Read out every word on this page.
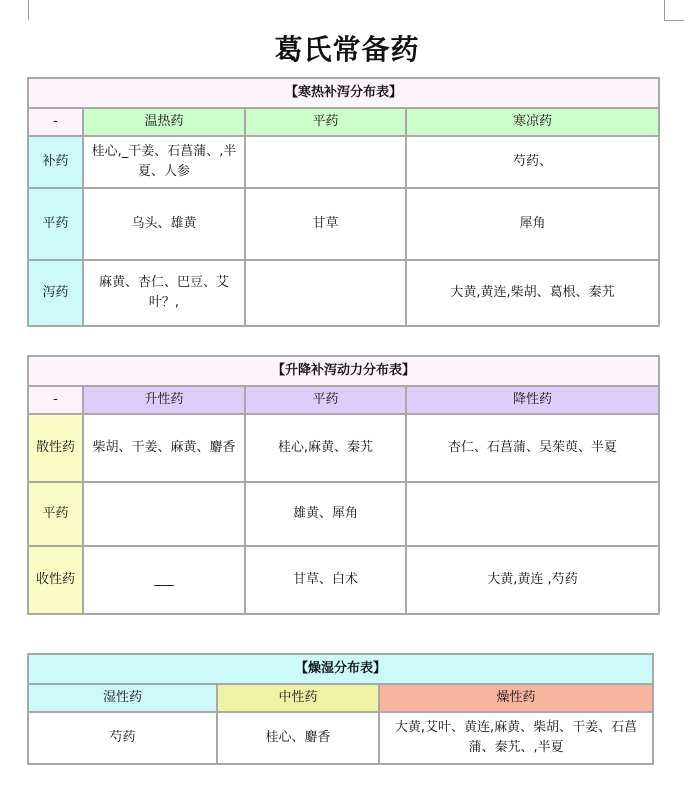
葛氏常备药
【寒热补泻分布表】			
-	温热药	平药	寒凉药
补药	桂心,_干姜、石菖蒲、,半夏、人参		芍药、
平药	乌头、雄黄	甘草	犀角
泻药	麻黄、杏仁、巴豆、艾叶？,		大黄,黄连,柴胡、葛根、秦艽
【升降补泻动力分布表】			
-	升性药	平药	降性药
散性药	柴胡、干姜、麻黄、麝香	桂心,麻黄、秦艽	杏仁、石菖蒲、吴茱萸、半夏
平药		雄黄、犀角	
收性药	___	甘草、白术	大黄,黄连 ,芍药
【燥湿分布表】		
湿性药	中性药	燥性药
芍药	桂心、麝香	大黄,艾叶、黄连,麻黄、柴胡、干姜、石菖蒲、秦艽、,半夏
